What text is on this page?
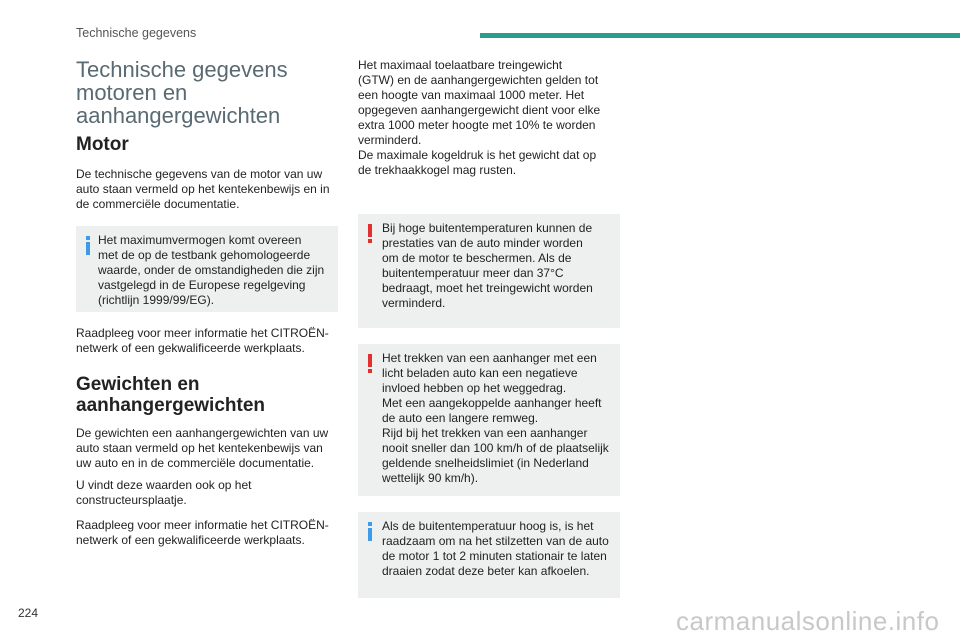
Technische gegevens
Technische gegevens motoren en aanhangergewichten
Motor
De technische gegevens van de motor van uw auto staan vermeld op het kentekenbewijs en in de commerciële documentatie.
Het maximumvermogen komt overeen
met de op de testbank gehomologeerde
waarde, onder de omstandigheden die zijn
vastgelegd in de Europese regelgeving
(richtlijn 1999/99/EG).
Raadpleeg voor meer informatie het CITROËN-netwerk of een gekwalificeerde werkplaats.
Gewichten en aanhangergewichten
De gewichten een aanhangergewichten van uw auto staan vermeld op het kentekenbewijs van uw auto en in de commerciële documentatie.
U vindt deze waarden ook op het constructeursplaatje.
Raadpleeg voor meer informatie het CITROËN-netwerk of een gekwalificeerde werkplaats.
Het maximaal toelaatbare treingewicht
(GTW) en de aanhangergewichten gelden tot
een hoogte van maximaal 1000 meter. Het
opgegeven aanhangergewicht dient voor elke
extra 1000 meter hoogte met 10% te worden
verminderd.
De maximale kogeldruk is het gewicht dat op
de trekhaakkogel mag rusten.
Bij hoge buitentemperaturen kunnen de
prestaties van de auto minder worden
om de motor te beschermen. Als de
buitentemperatuur meer dan 37°C
bedraagt, moet het treingewicht worden
verminderd.
Het trekken van een aanhanger met een
licht beladen auto kan een negatieve
invloed hebben op het weggedrag.
Met een aangekoppelde aanhanger heeft
de auto een langere remweg.
Rijd bij het trekken van een aanhanger
nooit sneller dan 100 km/h of de plaatselijk
geldende snelheidslimiet (in Nederland
wettelijk 90 km/h).
Als de buitentemperatuur hoog is, is het
raadzaam om na het stilzetten van de auto
de motor 1 tot 2 minuten stationair te laten
draaien zodat deze beter kan afkoelen.
224	carmanualsonline.info
